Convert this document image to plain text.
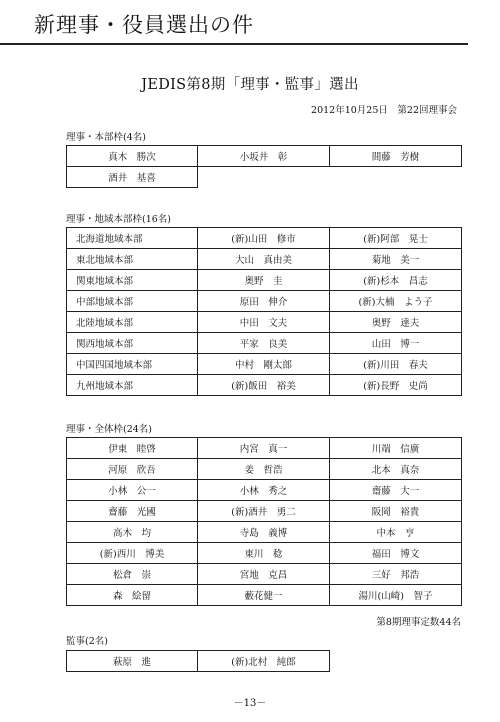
新理事・役員選出の件
JEDIS第8期「理事・監事」選出
2012年10月25日　第22回理事会
理事・本部枠(4名)
真木　勝次	小坂井　彰	間藤　芳樹
酒井　基喜		
理事・地域本部枠(16名)
北海道地域本部	(新)山田　修市	(新)阿部　晃士
東北地域本部	大山　真由美	菊地　美一
関東地域本部	奥野　圭	(新)杉本　昌志
中部地域本部	原田　伸介	(新)大楠　よう子
北陸地域本部	中田　文夫	奥野　達夫
関西地域本部	平家　良美	山田　博一
中国四国地域本部	中村　剛太郎	(新)川田　春夫
九州地域本部	(新)飯田　裕美	(新)長野　史尚
理事・全体枠(24名)
伊東　睦啓	内宮　真一	川端　信廣
河原　欣吾	姜　哲浩	北本　真奈
小林　公一	小林　秀之	齋藤　大一
齋藤　光國	(新)酒井　勇二	阪岡　裕貴
高木　均	寺島　義博	中本　亨
(新)西川　博美	東川　稔	福田　博文
松倉　崇	宮地　克昌	三好　邦浩
森　絵留	藪花健一	湯川(山崎)　智子
第8期理事定数44名
監事(2名)
萩原　進	(新)北村　純郎
－13－
